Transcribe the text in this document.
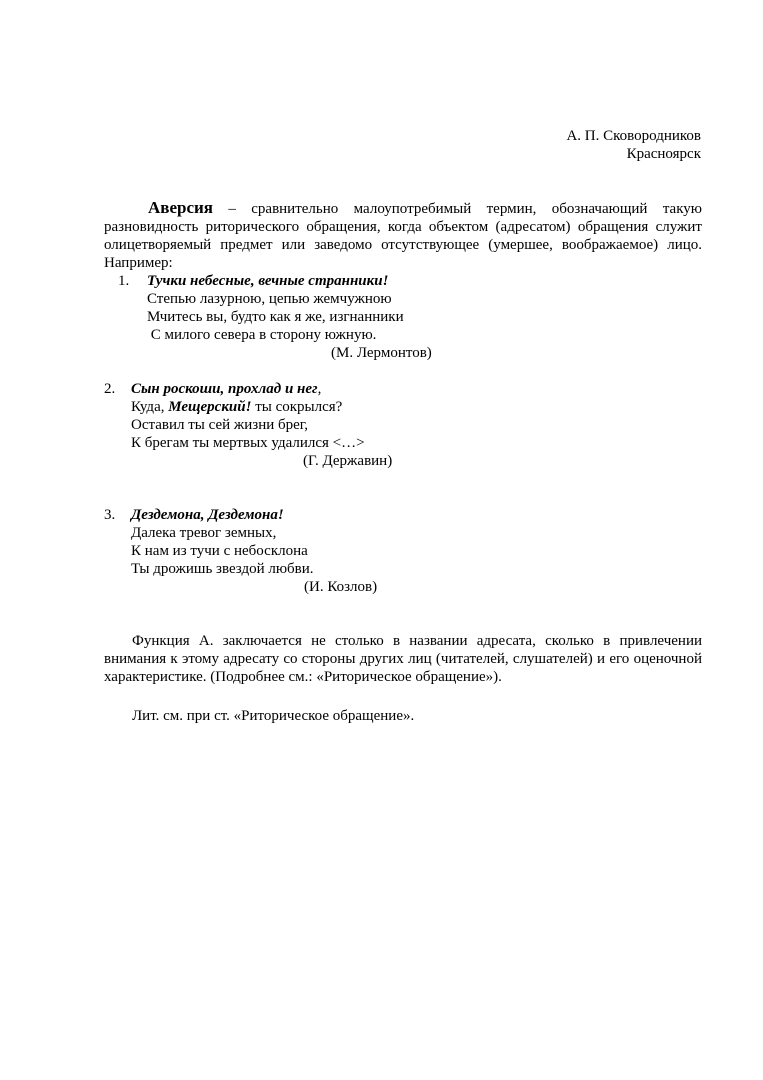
А. П. Сковородников
Красноярск
Аверсия – сравнительно малоупотребимый термин, обозначающий такую разновидность риторического обращения, когда объектом (адресатом) обращения служит олицетворяемый предмет или заведомо отсутствующее (умершее, воображаемое) лицо. Например:
1. Тучки небесные, вечные странники!
Степью лазурною, цепью жемчужною
Мчитесь вы, будто как я же, изгнанники
С милого севера в сторону южную.
(М. Лермонтов)
2. Сын роскоши, прохлад и нег,
Куда, Мещерский! ты сокрылся?
Оставил ты сей жизни брег,
К брегам ты мертвых удалился <…>
(Г. Державин)
3. Дездемона, Дездемона!
Далека тревог земных,
К нам из тучи с небосклона
Ты дрожишь звездой любви.
(И. Козлов)
Функция А. заключается не столько в названии адресата, сколько в привлечении внимания к этому адресату со стороны других лиц (читателей, слушателей) и его оценочной характеристике. (Подробнее см.: «Риторическое обращение»).
Лит. см. при ст. «Риторическое обращение».
